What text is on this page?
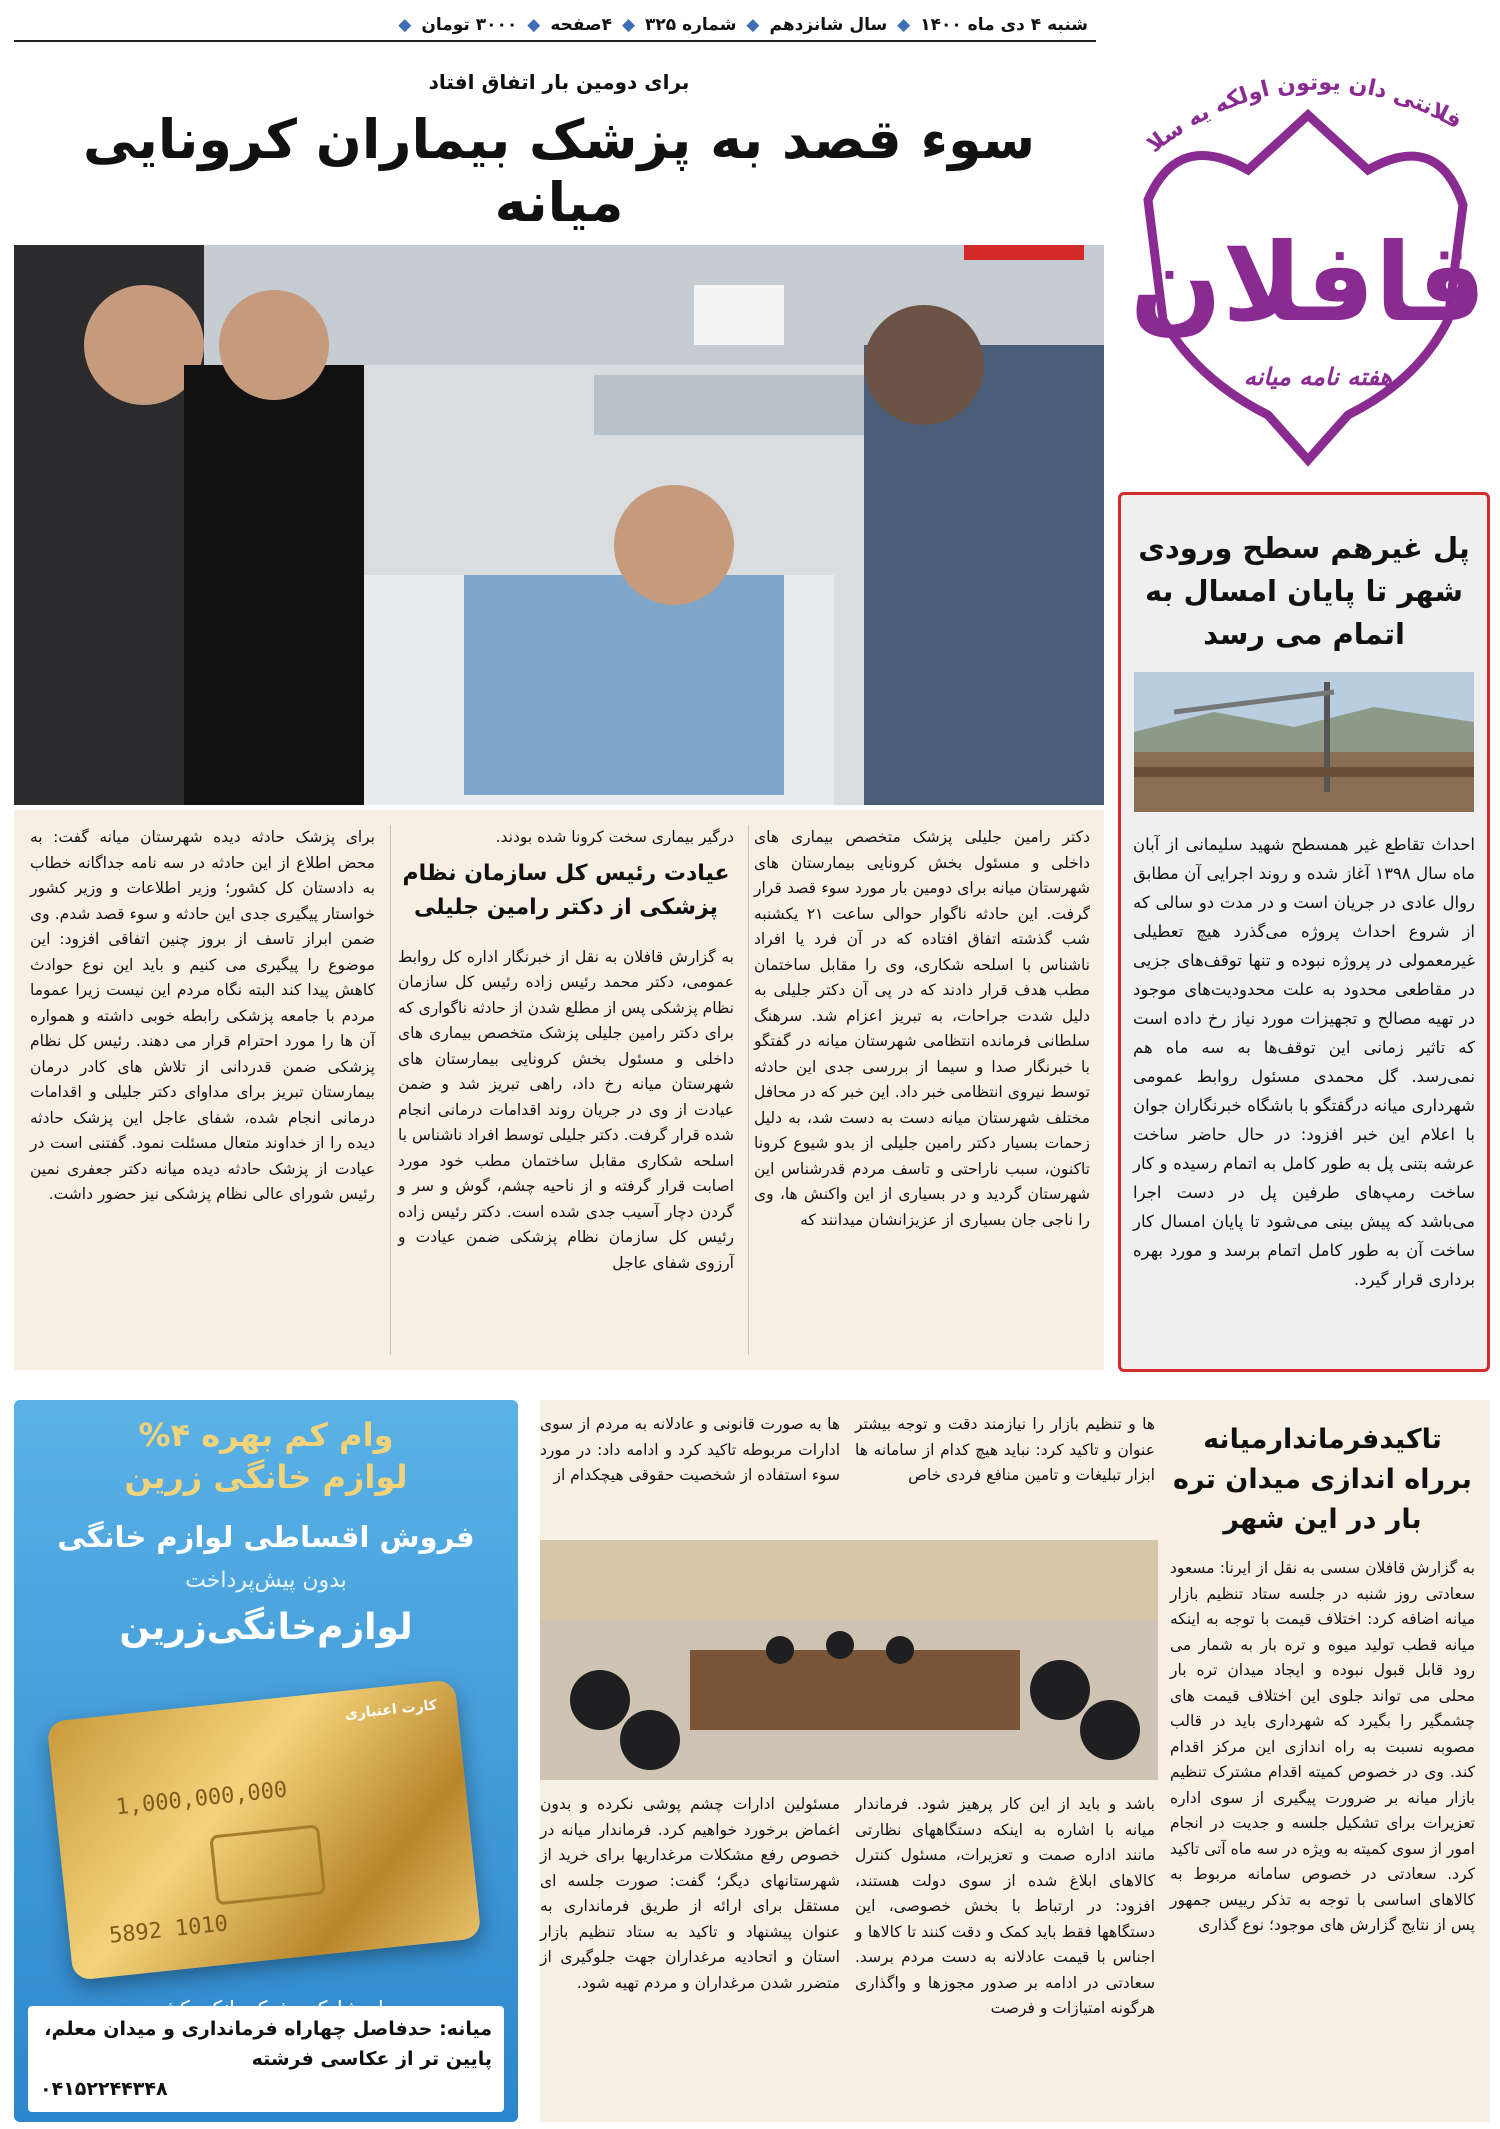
شنبه ۴ دی ماه ۱۴۰۰
◆
سال شانزدهم
◆
شماره ۳۲۵
◆
۴صفحه
◆
۳۰۰۰ تومان
◆
قافلانتی دان یوتون اولکه یه سلام
قافلان
هفته نامه میانه
برای دومین بار اتفاق افتاد
سوء قصد به پزشک بیماران کرونایی میانه
دکتر رامین جلیلی پزشک متخصص بیماری های داخلی و مسئول بخش کرونایی بیمارستان های شهرستان میانه برای دومین بار مورد سوء قصد قرار گرفت. این حادثه ناگوار حوالی ساعت ۲۱ یکشنبه شب گذشته اتفاق افتاده که در آن فرد یا افراد ناشناس با اسلحه شکاری، وی را مقابل ساختمان مطب هدف قرار دادند که در پی آن دکتر جلیلی به دلیل شدت جراحات، به تبریز اعزام شد. سرهنگ سلطانی فرمانده انتظامی شهرستان میانه در گفتگو با خبرنگار صدا و سیما از بررسی جدی این حادثه توسط نیروی انتظامی خبر داد. این خبر که در محافل مختلف شهرستان میانه دست به دست شد، به دلیل زحمات بسیار دکتر رامین جلیلی از بدو شیوع کرونا تاکنون، سبب ناراحتی و تاسف مردم قدرشناس این شهرستان گردید و در بسیاری از این واکنش ها، وی را ناجی جان بسیاری از عزیزانشان میدانند که
درگیر بیماری سخت کرونا شده بودند.
عیادت رئیس کل سازمان نظام پزشکی از دکتر رامین جلیلی
به گزارش قافلان به نقل از خبرنگار اداره کل روابط عمومی، دکتر محمد رئیس زاده رئیس کل سازمان نظام پزشکی پس از مطلع شدن از حادثه ناگواری که برای دکتر رامین جلیلی پزشک متخصص بیماری های داخلی و مسئول بخش کرونایی بیمارستان های شهرستان میانه رخ داد، راهی تبریز شد و ضمن عیادت از وی در جریان روند اقدامات درمانی انجام شده قرار گرفت. دکتر جلیلی توسط افراد ناشناس با اسلحه شکاری مقابل ساختمان مطب خود مورد اصابت قرار گرفته و از ناحیه چشم، گوش و سر و گردن دچار آسیب جدی شده است. دکتر رئیس زاده رئیس کل سازمان نظام پزشکی ضمن عیادت و آرزوی شفای عاجل
برای پزشک حادثه دیده شهرستان میانه گفت: به محض اطلاع از این حادثه در سه نامه جداگانه خطاب به دادستان کل کشور؛ وزیر اطلاعات و وزیر کشور خواستار پیگیری جدی این حادثه و سوء قصد شدم. وی ضمن ابراز تاسف از بروز چنین اتفاقی افزود: این موضوع را پیگیری می کنیم و باید این نوع حوادث کاهش پیدا کند البته نگاه مردم این نیست زیرا عموما مردم با جامعه پزشکی رابطه خوبی داشته و همواره آن ها را مورد احترام قرار می دهند. رئیس کل نظام پزشکی ضمن قدردانی از تلاش های کادر درمان بیمارستان تبریز برای مداوای دکتر جلیلی و اقدامات درمانی انجام شده، شفای عاجل این پزشک حادثه دیده را از خداوند متعال مسئلت نمود. گفتنی است در عیادت از پزشک حادثه دیده میانه دکتر جعفری نمین رئیس شورای عالی نظام پزشکی نیز حضور داشت.
پل غیرهم سطح ورودی شهر تا پایان امسال به اتمام می رسد
احداث تقاطع غیر همسطح شهید سلیمانی از آبان ماه سال ۱۳۹۸ آغاز شده و روند اجرایی آن مطابق روال عادی در جریان است و در مدت دو سالی که از شروع احداث پروژه می‌گذرد هیچ تعطیلی غیرمعمولی در پروژه نبوده و تنها توقف‌های جزیی در مقاطعی محدود به علت محدودیت‌های موجود در تهیه مصالح و تجهیزات مورد نیاز رخ داده است که تاثیر زمانی این توقف‌ها به سه ماه هم نمی‌رسد. گل محمدی مسئول روابط عمومی شهرداری میانه درگفتگو با باشگاه خبرنگاران جوان با اعلام این خبر افزود: در حال حاضر ساخت عرشه بتنی پل به طور کامل به اتمام رسیده و کار ساخت رمپ‌های طرفین پل در دست اجرا می‌باشد که پیش بینی می‌شود تا پایان امسال کار ساخت آن به طور کامل اتمام برسد و مورد بهره برداری قرار گیرد.
تاکیدفرماندارمیانه برراه اندازی میدان تره بار در این شهر
به گزارش قافلان سسی به نقل از ایرنا: مسعود سعادتی روز شنبه در جلسه ستاد تنظیم بازار میانه اضافه کرد: اختلاف قیمت با توجه به اینکه میانه قطب تولید میوه و تره بار به شمار می رود قابل قبول نبوده و ایجاد میدان تره بار محلی می تواند جلوی این اختلاف قیمت های چشمگیر را بگیرد که شهرداری باید در قالب مصوبه نسبت به راه اندازی این مرکز اقدام کند. وی در خصوص کمیته اقدام مشترک تنظیم بازار میانه بر ضرورت پیگیری از سوی اداره تعزیرات برای تشکیل جلسه و جدیت در انجام امور از سوی کمیته به ویژه در سه ماه آتی تاکید کرد. سعادتی در خصوص سامانه مربوط به کالاهای اساسی با توجه به تذکر رییس جمهور پس از نتایج گزارش های موجود؛ نوع گذاری
ها و تنظیم بازار را نیازمند دقت و توجه بیشتر عنوان و تاکید کرد: نباید هیچ کدام از سامانه ها ابزار تبلیغات و تامین منافع فردی خاص
ها به صورت قانونی و عادلانه به مردم از سوی ادارات مربوطه تاکید کرد و ادامه داد: در مورد سوء استفاده از شخصیت حقوقی هیچکدام از
باشد و باید از این کار پرهیز شود. فرماندار میانه با اشاره به اینکه دستگاههای نظارتی مانند اداره صمت و تعزیرات، مسئول کنترل کالاهای ابلاغ شده از سوی دولت هستند، افزود: در ارتباط با بخش خصوصی، این دستگاهها فقط باید کمک و دقت کنند تا کالاها و اجناس با قیمت عادلانه به دست مردم برسد. سعادتی در ادامه بر صدور مجوزها و واگذاری هرگونه امتیازات و فرصت
مسئولین ادارات چشم پوشی نکرده و بدون اغماض برخورد خواهیم کرد. فرماندار میانه در خصوص رفع مشکلات مرغداریها برای خرید از شهرستانهای دیگر؛ گفت: صورت جلسه ای مستقل برای ارائه از طریق فرمانداری به عنوان پیشنهاد و تاکید به ستاد تنظیم بازار استان و اتحادیه مرغداران جهت جلوگیری از متضرر شدن مرغداران و مردم تهیه شود.
وام کم بهره ۴%
لوازم خانگی زرین
فروش اقساطی لوازم خانگی
بدون پیش‌پرداخت
لوازم‌خانگی‌زرین
کارت اعتباری
1,000,000,000
5892 1010
میانه: حدفاصل چهاراه فرمانداری و میدان معلم، پایین تر از عکاسی فرشته
۰۴۱۵۲۲۴۴۳۴۸
